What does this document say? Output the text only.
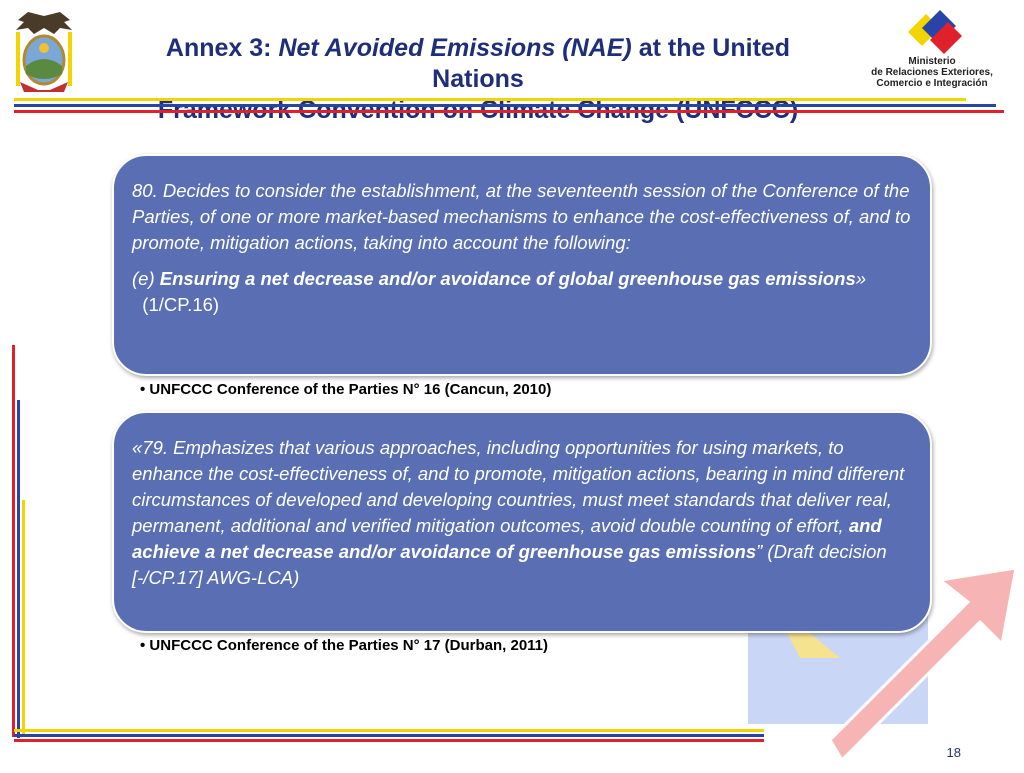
Annex 3: Net Avoided Emissions (NAE) at the United Nations

Ministerio
de Relaciones Exteriores,
Comercio e Integración

80. Decides to consider the establishment, at the seventeenth session of the Conference of the Parties, of one or more market-based mechanisms to enhance the cost-effectiveness of, and to promote, mitigation actions, taking into account the following:

(e) Ensuring a net decrease and/or avoidance of global greenhouse gas emissions»  (1/CP.16)

• UNFCCC Conference of the Parties N° 16 (Cancun, 2010)

«79. Emphasizes that various approaches, including opportunities for using markets, to enhance the cost-effectiveness of, and to promote, mitigation actions, bearing in mind different circumstances of developed and developing countries, must meet standards that deliver real, permanent, additional and verified mitigation outcomes, avoid double counting of effort, and achieve a net decrease and/or avoidance of greenhouse gas emissions” (Draft decision [-/CP.17] AWG-LCA)

• UNFCCC Conference of the Parties N° 17 (Durban, 2011)
18
